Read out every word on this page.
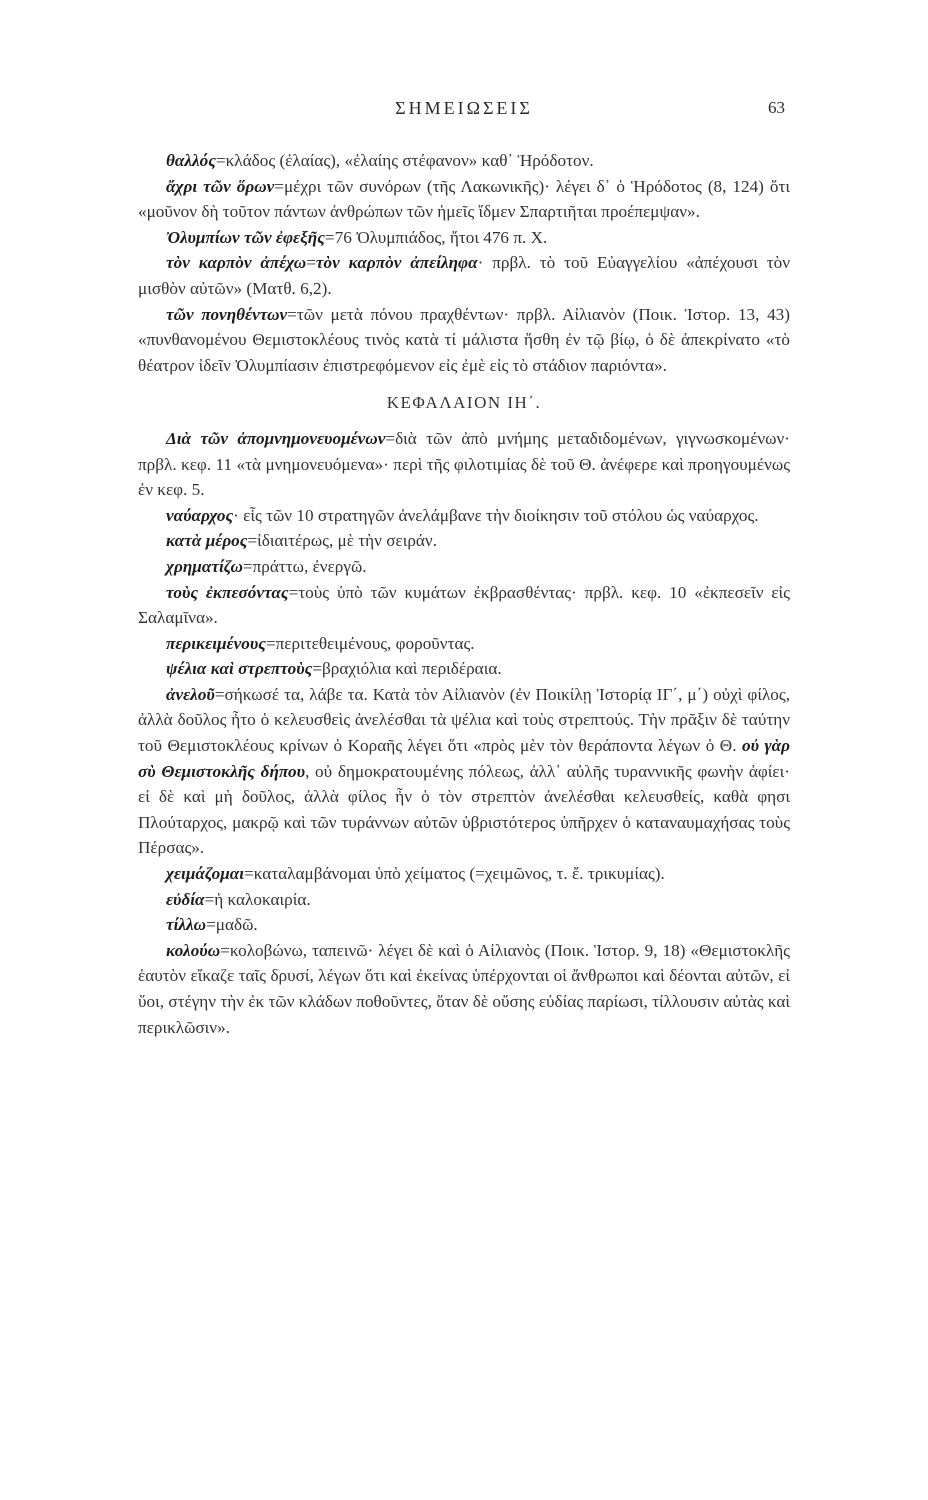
ΣΗΜΕΙΩΣΕΙΣ	63

θαλλός=κλάδος (ἐλαίας), «ἐλαίης στέφανον» καθ᾿ Ἡρόδοτον.

ἄχρι τῶν ὅρων=μέχρι τῶν συνόρων (τῆς Λακωνικῆς)· λέγει δ᾿ ὁ Ἡρόδοτος (8, 124) ὅτι «μοῦνον δὴ τοῦτον πάντων ἀνθρώπων τῶν ἡμεῖς ἴδμεν Σπαρτιῆται προέπεμψαν».

Ὀλυμπίων τῶν ἐφεξῆς=76 Ὀλυμπιάδος, ἤτοι 476 π. Χ.

τὸν καρπὸν ἀπέχω=τὸν καρπὸν ἀπείληφα· πρβλ. τὸ τοῦ Εὐαγγελίου «ἀπέχουσι τὸν μισθὸν αὐτῶν» (Ματθ. 6,2).

τῶν πονηθέντων=τῶν μετὰ πόνου πραχθέντων· πρβλ. Αἰλιανὸν (Ποικ. Ἱστορ. 13, 43) «πυνθανομένου Θεμιστοκλέους τινὸς κατὰ τί μάλιστα ἥσθη ἐν τῷ βίῳ, ὁ δὲ ἀπεκρίνατο «τὸ θέατρον ἰδεῖν Ὀλυμπίασιν ἐπιστρεφόμενον εἰς ἐμὲ εἰς τὸ στάδιον παριόντα».

ΚΕΦΑΛΑΙΟΝ ΙΗ΄.

Διὰ τῶν ἀπομνημονευομένων=διὰ τῶν ἀπὸ μνήμης μεταδιδομένων, γιγνωσκομένων· πρβλ. κεφ. 11 «τὰ μνημονευόμενα»· περὶ τῆς φιλοτιμίας δὲ τοῦ Θ. ἀνέφερε καὶ προηγουμένως ἐν κεφ. 5.

ναύαρχος· εἷς τῶν 10 στρατηγῶν ἀνελάμβανε τὴν διοίκησιν τοῦ στόλου ὡς ναύαρχος.

κατὰ μέρος=ἰδιαιτέρως, μὲ τὴν σειράν.

χρηματίζω=πράττω, ἐνεργῶ.

τοὺς ἐκπεσόντας=τοὺς ὑπὸ τῶν κυμάτων ἐκβρασθέντας· πρβλ. κεφ. 10 «ἐκπεσεῖν εἰς Σαλαμῖνα».

περικειμένους=περιτεθειμένους, φοροῦντας.

ψέλια καὶ στρεπτοὺς=βραχιόλια καὶ περιδέραια.

ἀνελοῦ=σήκωσέ τα, λάβε τα. Κατὰ τὸν Αἰλιανὸν (ἐν Ποικίλῃ Ἱστορίᾳ ΙΓ΄, μ΄) οὐχὶ φίλος, ἀλλὰ δοῦλος ἦτο ὁ κελευσθεὶς ἀνελέσθαι τὰ ψέλια καὶ τοὺς στρεπτούς. Τὴν πρᾶξιν δὲ ταύτην τοῦ Θεμιστοκλέους κρίνων ὁ Κοραῆς λέγει ὅτι «πρὸς μὲν τὸν θεράποντα λέγων ὁ Θ. οὐ γὰρ σὺ Θεμιστοκλῆς δήπου, οὐ δημοκρατουμένης πόλεως, ἀλλ᾿ αὐλῆς τυραννικῆς φωνὴν ἀφίει· εἰ δὲ καὶ μὴ δοῦλος, ἀλλὰ φίλος ἦν ὁ τὸν στρεπτὸν ἀνελέσθαι κελευσθείς, καθὰ φησι Πλούταρχος, μακρῷ καὶ τῶν τυράννων αὐτῶν ὑβριστότερος ὑπῆρχεν ὁ καταναυμαχήσας τοὺς Πέρσας».

χειμάζομαι=καταλαμβάνομαι ὑπὸ χείματος (=χειμῶνος, τ. ἔ. τρικυμίας).

εὐδία=ἡ καλοκαιρία.

τίλλω=μαδῶ.

κολούω=κολοβώνω, ταπεινῶ· λέγει δὲ καὶ ὁ Αἰλιανὸς (Ποικ. Ἱστορ. 9, 18) «Θεμιστοκλῆς ἑαυτὸν εἴκαζε ταῖς δρυσί, λέγων ὅτι καὶ ἐκείνας ὑπέρχονται οἱ ἄνθρωποι καὶ δέονται αὐτῶν, εἰ ὕοι, στέγην τὴν ἐκ τῶν κλάδων ποθοῦντες, ὅταν δὲ οὔσης εὐδίας παρίωσι, τίλλουσιν αὐτὰς καὶ περικλῶσιν».
